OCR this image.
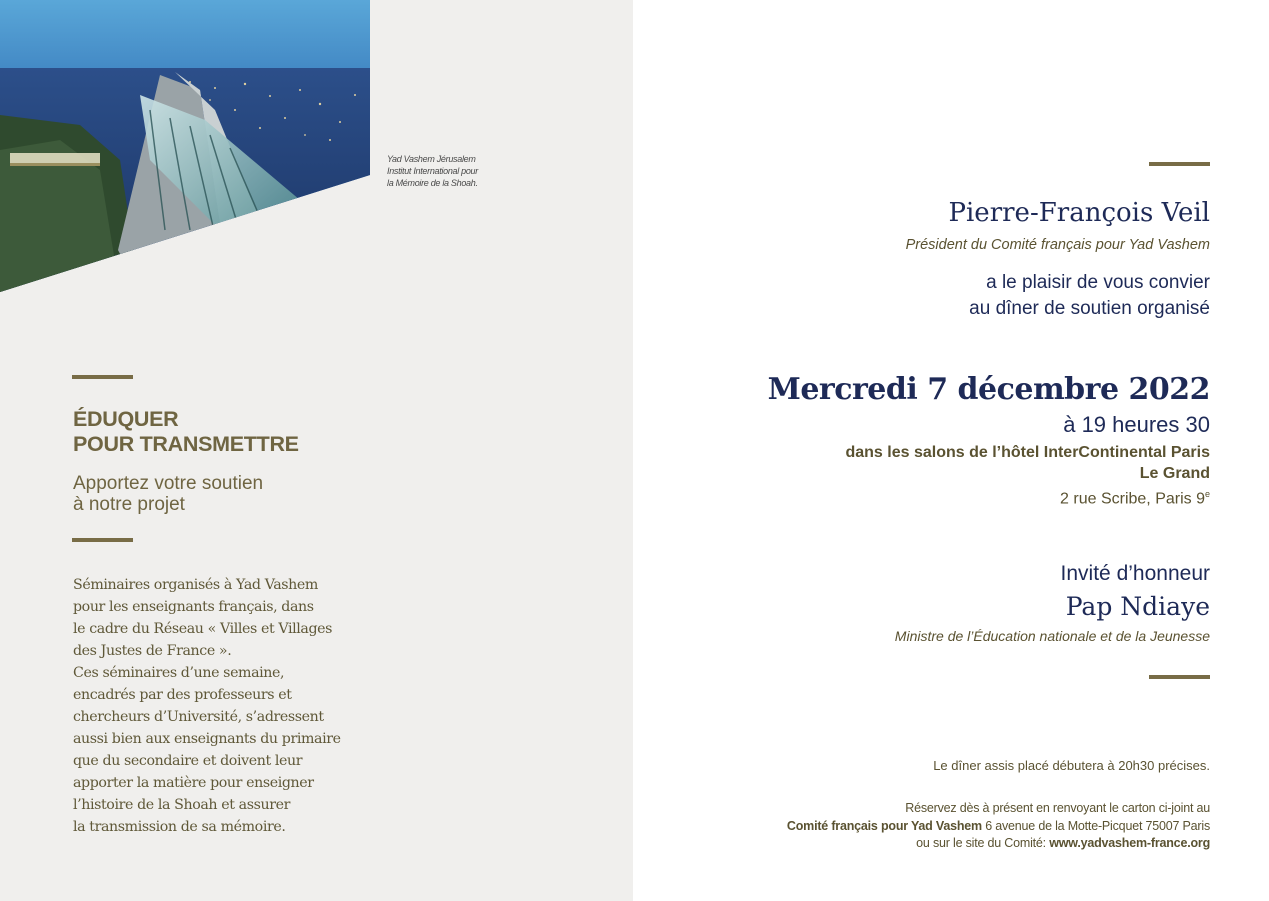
Yad Vashem Jérusalem
Institut International pour
la Mémoire de la Shoah.
ÉDUQUER
POUR TRANSMETTRE
Apportez votre soutien
à notre projet
Séminaires organisés à Yad Vashem
pour les enseignants français, dans
le cadre du Réseau « Villes et Villages
des Justes de France ».
Ces séminaires d’une semaine,
encadrés par des professeurs et
chercheurs d’Université, s’adressent
aussi bien aux enseignants du primaire
que du secondaire et doivent leur
apporter la matière pour enseigner
l’histoire de la Shoah et assurer
la transmission de sa mémoire.
Pierre-François Veil
Président du Comité français pour Yad Vashem
a le plaisir de vous convier
au dîner de soutien organisé
Mercredi 7 décembre 2022
à 19 heures 30
dans les salons de l’hôtel InterContinental Paris
Le Grand
2 rue Scribe, Paris 9e
Invité d’honneur
Pap Ndiaye
Ministre de l’Éducation nationale et de la Jeunesse
Le dîner assis placé débutera à 20h30 précises.
Réservez dès à présent en renvoyant le carton ci-joint au
Comité français pour Yad Vashem 6 avenue de la Motte-Picquet 75007 Paris
ou sur le site du Comité: www.yadvashem-france.org
